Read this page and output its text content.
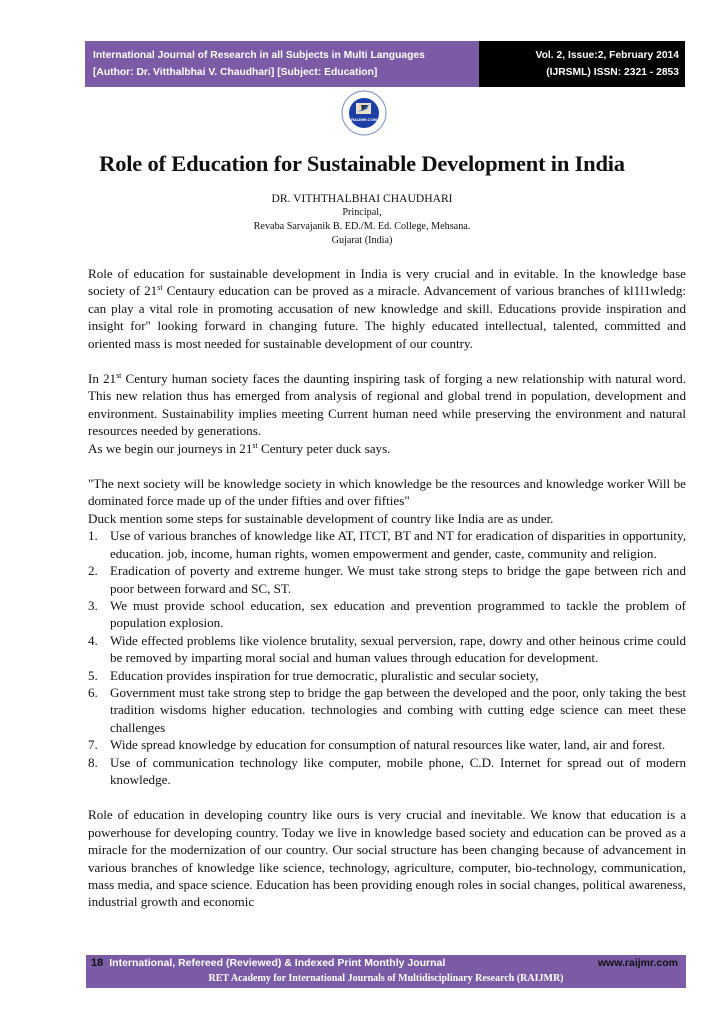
International Journal of Research in all Subjects in Multi Languages
[Author: Dr. Vitthalbhai V. Chaudhari] [Subject: Education]
Vol. 2, Issue:2, February 2014
(IJRSML) ISSN: 2321 - 2853
RAIJMR.COM
Role of Education for Sustainable Development in India
DR. VITHTHALBHAI CHAUDHARI
Principal,
Revaba Sarvajanik B. ED./M. Ed. College, Mehsana.
Gujarat (India)

Role of education for sustainable development in India is very crucial and in evitable. In the knowledge base society of 21st Centaury education can be proved as a miracle. Advancement of various branches of kl1l1wledg: can play a vital role in promoting accusation of new knowledge and skill. Educations provide inspiration and insight for" looking forward in changing future. The highly educated intellectual, talented, committed and oriented mass is most needed for sustainable development of our country.

In 21st Century human society faces the daunting inspiring task of forging a new relationship with natural word. This new relation thus has emerged from analysis of regional and global trend in population, development and environment. Sustainability implies meeting Current human need while preserving the environment and natural resources needed by generations.

As we begin our journeys in 21st Century peter duck says.

"The next society will be knowledge society in which knowledge be the resources and knowledge worker Will be dominated force made up of the under fifties and over fifties"

Duck mention some steps for sustainable development of country like India are as under.

1. Use of various branches of knowledge like AT, ITCT, BT and NT for eradication of disparities in opportunity, education. job, income, human rights, women empowerment and gender, caste, community and religion.
2. Eradication of poverty and extreme hunger. We must take strong steps to bridge the gape between rich and poor between forward and SC, ST.
3. We must provide school education, sex education and prevention programmed to tackle the problem of population explosion.
4. Wide effected problems like violence brutality, sexual perversion, rape, dowry and other heinous crime could be removed by imparting moral social and human values through education for development.
5. Education provides inspiration for true democratic, pluralistic and secular society,
6. Government must take strong step to bridge the gap between the developed and the poor, only taking the best tradition wisdoms higher education. technologies and combing with cutting edge science can meet these challenges
7. Wide spread knowledge by education for consumption of natural resources like water, land, air and forest.
8. Use of communication technology like computer, mobile phone, C.D. Internet for spread out of modern knowledge.

Role of education in developing country like ours is very crucial and inevitable. We know that education is a powerhouse for developing country. Today we live in knowledge based society and education can be proved as a miracle for the modernization of our country. Our social structure has been changing because of advancement in various branches of knowledge like science, technology, agriculture, computer, bio-technology, communication, mass media, and space science. Education has been providing enough roles in social changes, political awareness, industrial growth and economic

18 International, Refereed (Reviewed) & Indexed Print Monthly Journal	www.raijmr.com
RET Academy for International Journals of Multidisciplinary Research (RAIJMR)
